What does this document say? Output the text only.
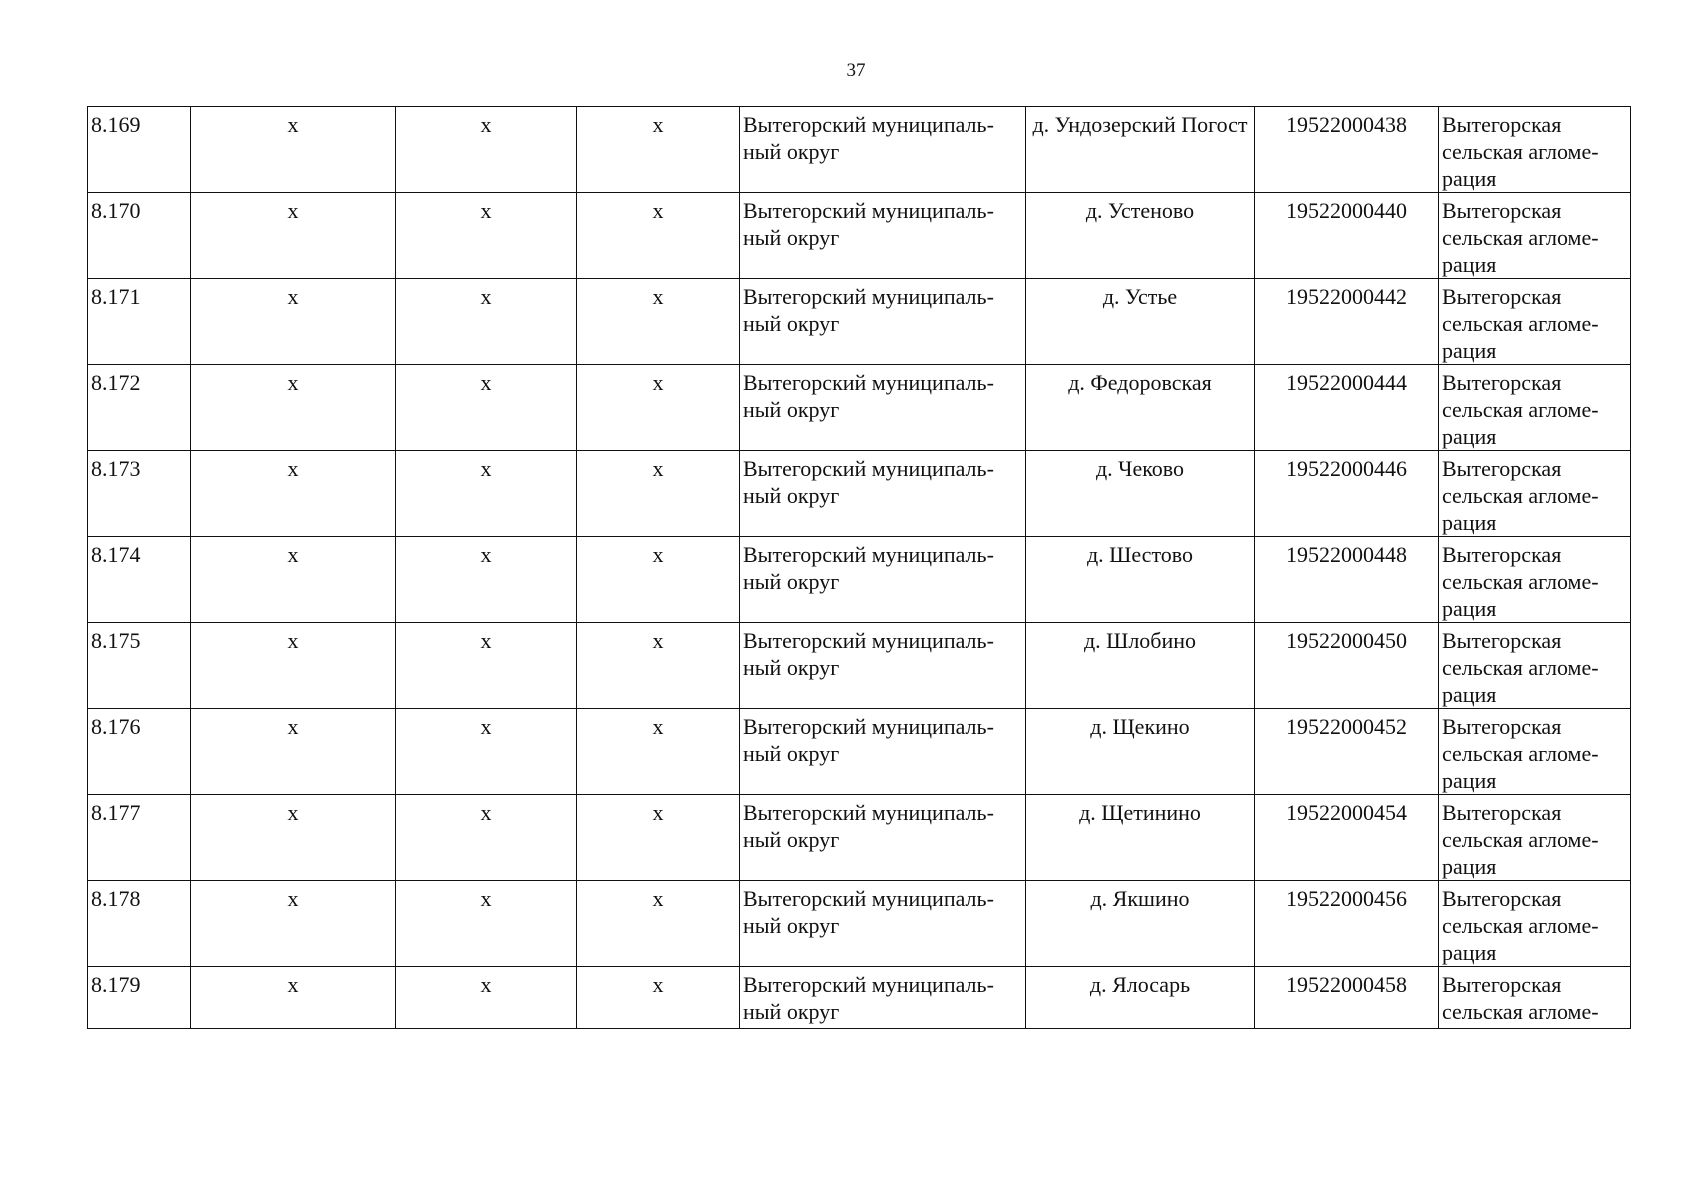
37
8.169	x	x	x	Вытегорский муниципаль-ный округ	д. Ундозерский Погост	19522000438	Вытегорская сельская агломе-рация
8.170	x	x	x	Вытегорский муниципаль-ный округ	д. Устеново	19522000440	Вытегорская сельская агломе-рация
8.171	x	x	x	Вытегорский муниципаль-ный округ	д. Устье	19522000442	Вытегорская сельская агломе-рация
8.172	x	x	x	Вытегорский муниципаль-ный округ	д. Федоровская	19522000444	Вытегорская сельская агломе-рация
8.173	x	x	x	Вытегорский муниципаль-ный округ	д. Чеково	19522000446	Вытегорская сельская агломе-рация
8.174	x	x	x	Вытегорский муниципаль-ный округ	д. Шестово	19522000448	Вытегорская сельская агломе-рация
8.175	x	x	x	Вытегорский муниципаль-ный округ	д. Шлобино	19522000450	Вытегорская сельская агломе-рация
8.176	x	x	x	Вытегорский муниципаль-ный округ	д. Щекино	19522000452	Вытегорская сельская агломе-рация
8.177	x	x	x	Вытегорский муниципаль-ный округ	д. Щетинино	19522000454	Вытегорская сельская агломе-рация
8.178	x	x	x	Вытегорский муниципаль-ный округ	д. Якшино	19522000456	Вытегорская сельская агломе-рация
8.179	x	x	x	Вытегорский муниципаль-ный округ	д. Ялосарь	19522000458	Вытегорская сельская агломе-
